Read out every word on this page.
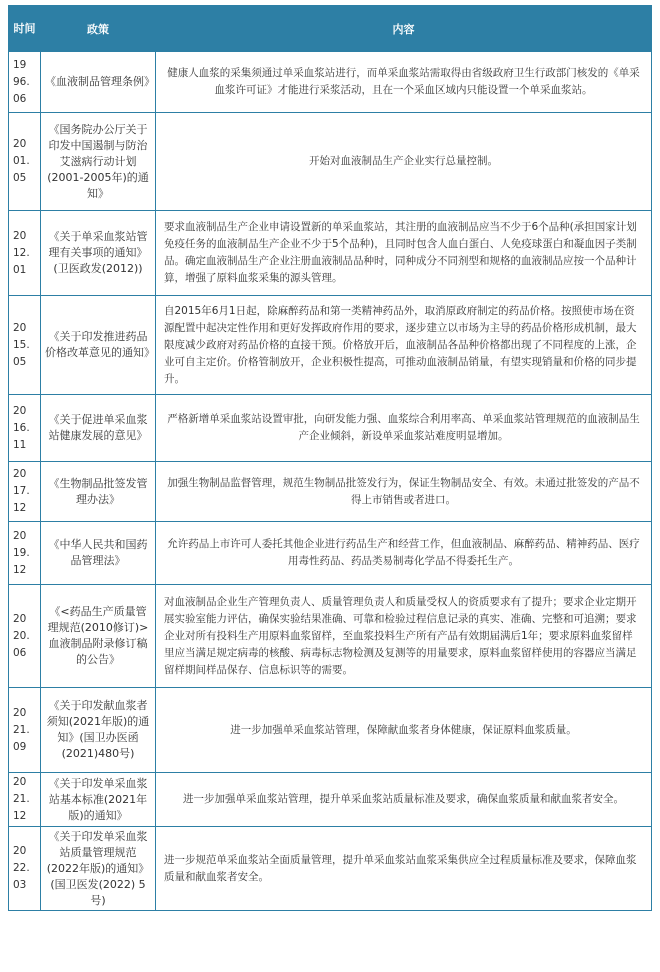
时间	政策	内容

19
96.
06	《血液制品管理条例》	健康人血浆的采集须通过单采血浆站进行，而单采血浆站需取得由省级政府卫生行政部门核发的《单采血浆许可证》才能进行采浆活动，且在一个采血区域内只能设置一个单采血浆站。

20
01.
05	《国务院办公厅关于印发中国遏制与防治艾滋病行动计划(2001-2005年)的通知》	开始对血液制品生产企业实行总量控制。

20
12.
01	《关于单采血浆站管理有关事项的通知》(卫医政发(2012))	要求血液制品生产企业申请设置新的单采血浆站，其注册的血液制品应当不少于6个品种(承担国家计划免疫任务的血液制品生产企业不少于5个品种)，且同时包含人血白蛋白、人免疫球蛋白和凝血因子类制品。确定血液制品生产企业注册血液制品品种时，同种成分不同剂型和规格的血液制品应按一个品种计算，增强了原料血浆采集的源头管理。

20
15.
05	《关于印发推进药品价格改革意见的通知》	自2015年6月1日起，除麻醉药品和第一类精神药品外，取消原政府制定的药品价格。按照使市场在资源配置中起决定性作用和更好发挥政府作用的要求，逐步建立以市场为主导的药品价格形成机制，最大限度减少政府对药品价格的直接干预。价格放开后，血液制品各品种价格都出现了不同程度的上涨，企业可自主定价。价格管制放开，企业积极性提高，可推动血液制品销量，有望实现销量和价格的同步提升。

20
16.
11	《关于促进单采血浆站健康发展的意见》	严格新增单采血浆站设置审批，向研发能力强、血浆综合利用率高、单采血浆站管理规范的血液制品生产企业倾斜，新设单采血浆站难度明显增加。

20
17.
12	《生物制品批签发管理办法》	加强生物制品监督管理，规范生物制品批签发行为，保证生物制品安全、有效。未通过批签发的产品不得上市销售或者进口。

20
19.
12	《中华人民共和国药品管理法》	允许药品上市许可人委托其他企业进行药品生产和经营工作，但血液制品、麻醉药品、精神药品、医疗用毒性药品、药品类易制毒化学品不得委托生产。

20
20.
06	《<药品生产质量管理规范(2010修订)>血液制品附录修订稿的公告》	对血液制品企业生产管理负责人、质量管理负责人和质量受权人的资质要求有了提升；要求企业定期开展实验室能力评估，确保实验结果准确、可靠和检验过程信息记录的真实、准确、完整和可追溯；要求企业对所有投料生产用原料血浆留样，至血浆投料生产所有产品有效期届满后1年；要求原料血浆留样里应当满足规定病毒的核酸、病毒标志物检测及复测等的用量要求，原料血浆留样使用的容器应当满足留样期间样品保存、信息标识等的需要。

20
21.
09	《关于印发献血浆者须知(2021年版)的通知》(国卫办医函(2021)480号)	进一步加强单采血浆站管理，保障献血浆者身体健康，保证原料血浆质量。

20
21.
12	《关于印发单采血浆站基本标准(2021年版)的通知》	进一步加强单采血浆站管理，提升单采血浆站质量标准及要求，确保血浆质量和献血浆者安全。

20
22.
03	《关于印发单采血浆站质量管理规范(2022年版)的通知》(国卫医发(2022) 5号)	进一步规范单采血浆站全面质量管理，提升单采血浆站血浆采集供应全过程质量标准及要求，保障血浆质量和献血浆者安全。
